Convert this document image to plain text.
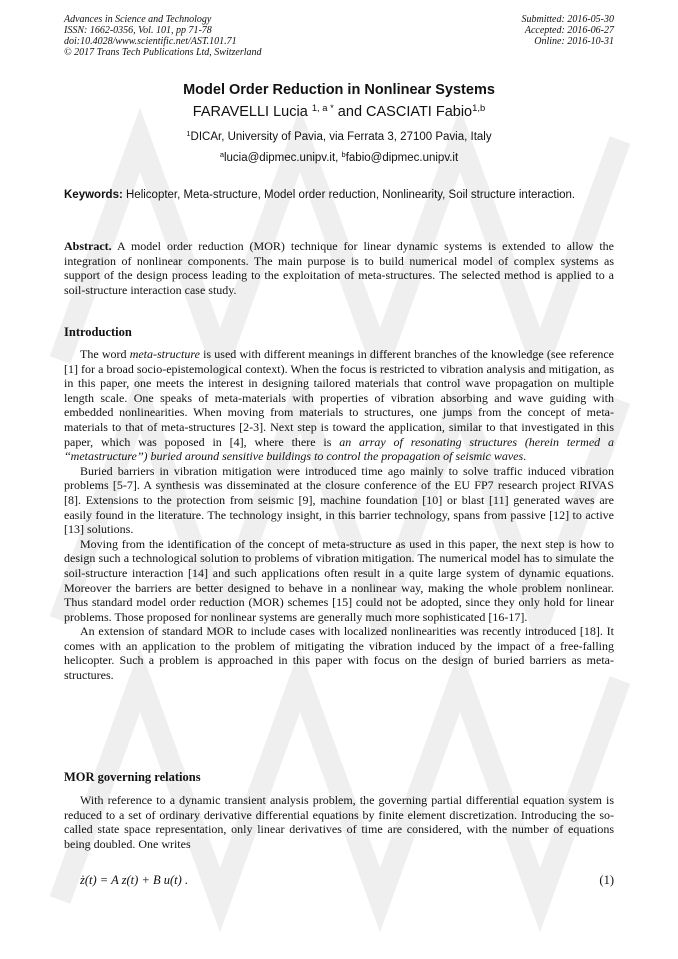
Advances in Science and Technology
ISSN: 1662-0356, Vol. 101, pp 71-78
doi:10.4028/www.scientific.net/AST.101.71
© 2017 Trans Tech Publications Ltd, Switzerland
Submitted: 2016-05-30
Accepted: 2016-06-27
Online: 2016-10-31
Model Order Reduction in Nonlinear Systems
FARAVELLI Lucia $^{1, a *}$ and CASCIATI Fabio$^{1,b}$
$^1$DICAr, University of Pavia, via Ferrata 3, 27100 Pavia, Italy
$^a$lucia@dipmec.unipv.it, $^b$fabio@dipmec.unipv.it
Keywords: Helicopter, Meta-structure, Model order reduction, Nonlinearity, Soil structure interaction.
Abstract. A model order reduction (MOR) technique for linear dynamic systems is extended to allow the integration of nonlinear components. The main purpose is to build numerical model of complex systems as support of the design process leading to the exploitation of meta-structures. The selected method is applied to a soil-structure interaction case study.
Introduction

The word meta-structure is used with different meanings in different branches of the knowledge (see reference [1] for a broad socio-epistemological context). When the focus is restricted to vibration analysis and mitigation, as in this paper, one meets the interest in designing tailored materials that control wave propagation on multiple length scale. One speaks of meta-materials with properties of vibration absorbing and wave guiding with embedded nonlinearities. When moving from materials to structures, one jumps from the concept of meta-materials to that of meta-structures [2-3]. Next step is toward the application, similar to that investigated in this paper, which was poposed in [4], where there is an array of resonating structures (herein termed a ‘‘metastructure’’) buried around sensitive buildings to control the propagation of seismic waves.

Buried barriers in vibration mitigation were introduced time ago mainly to solve traffic induced vibration problems [5-7]. A synthesis was disseminated at the closure conference of the EU FP7 research project RIVAS [8]. Extensions to the protection from seismic [9], machine foundation [10] or blast [11] generated waves are easily found in the literature. The technology insight, in this barrier technology, spans from passive [12] to active [13] solutions.

Moving from the identification of the concept of meta-structure as used in this paper, the next step is how to design such a technological solution to problems of vibration mitigation. The numerical model has to simulate the soil-structure interaction [14] and such applications often result in a quite large system of dynamic equations. Moreover the barriers are better designed to behave in a nonlinear way, making the whole problem nonlinear. Thus standard model order reduction (MOR) schemes [15] could not be adopted, since they only hold for linear problems. Those proposed for nonlinear systems are generally much more sophisticated [16-17].

An extension of standard MOR to include cases with localized nonlinearities was recently introduced [18]. It comes with an application to the problem of mitigating the vibration induced by the impact of a free-falling helicopter. Such a problem is approached in this paper with focus on the design of buried barriers as meta-structures.

MOR governing relations

With reference to a dynamic transient analysis problem, the governing partial differential equation system is reduced to a set of ordinary derivative differential equations by finite element discretization. Introducing the so-called state space representation, only linear derivatives of time are considered, with the number of equations being doubled. One writes

ż(t) = A z(t) + B u(t) .	(1)
